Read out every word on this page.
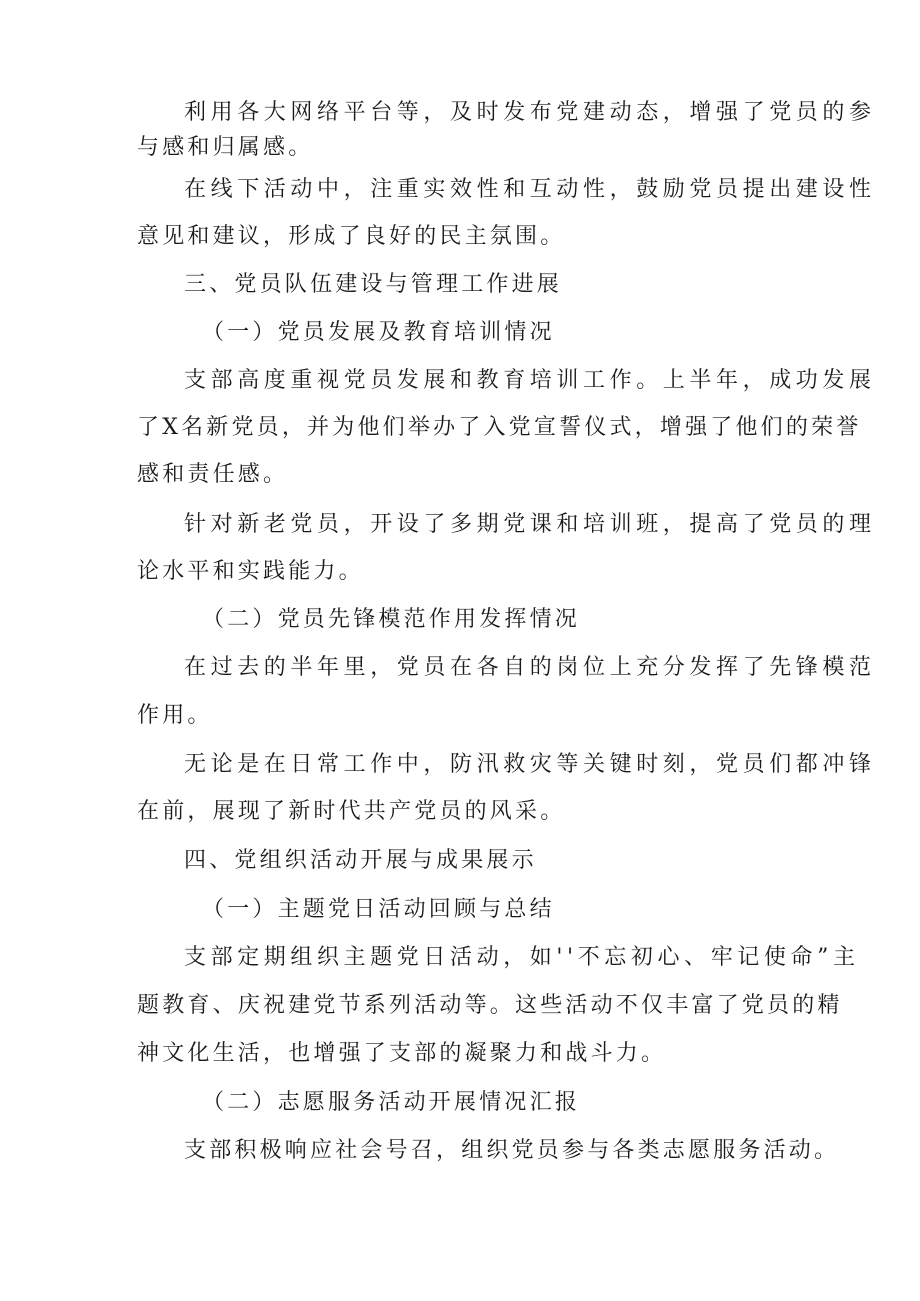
利用各大网络平台等，及时发布党建动态，增强了党员的参
与感和归属感。
在线下活动中，注重实效性和互动性，鼓励党员提出建设性
意见和建议，形成了良好的民主氛围。
三、党员队伍建设与管理工作进展
（一）党员发展及教育培训情况
支部高度重视党员发展和教育培训工作。上半年，成功发展
了X名新党员，并为他们举办了入党宣誓仪式，增强了他们的荣誉
感和责任感。
针对新老党员，开设了多期党课和培训班，提高了党员的理
论水平和实践能力。
（二）党员先锋模范作用发挥情况
在过去的半年里，党员在各自的岗位上充分发挥了先锋模范
作用。
无论是在日常工作中，防汛救灾等关键时刻，党员们都冲锋
在前，展现了新时代共产党员的风采。
四、党组织活动开展与成果展示
（一）主题党日活动回顾与总结
支部定期组织主题党日活动，如''不忘初心、牢记使命”主
题教育、庆祝建党节系列活动等。这些活动不仅丰富了党员的精
神文化生活，也增强了支部的凝聚力和战斗力。
（二）志愿服务活动开展情况汇报
支部积极响应社会号召，组织党员参与各类志愿服务活动。
